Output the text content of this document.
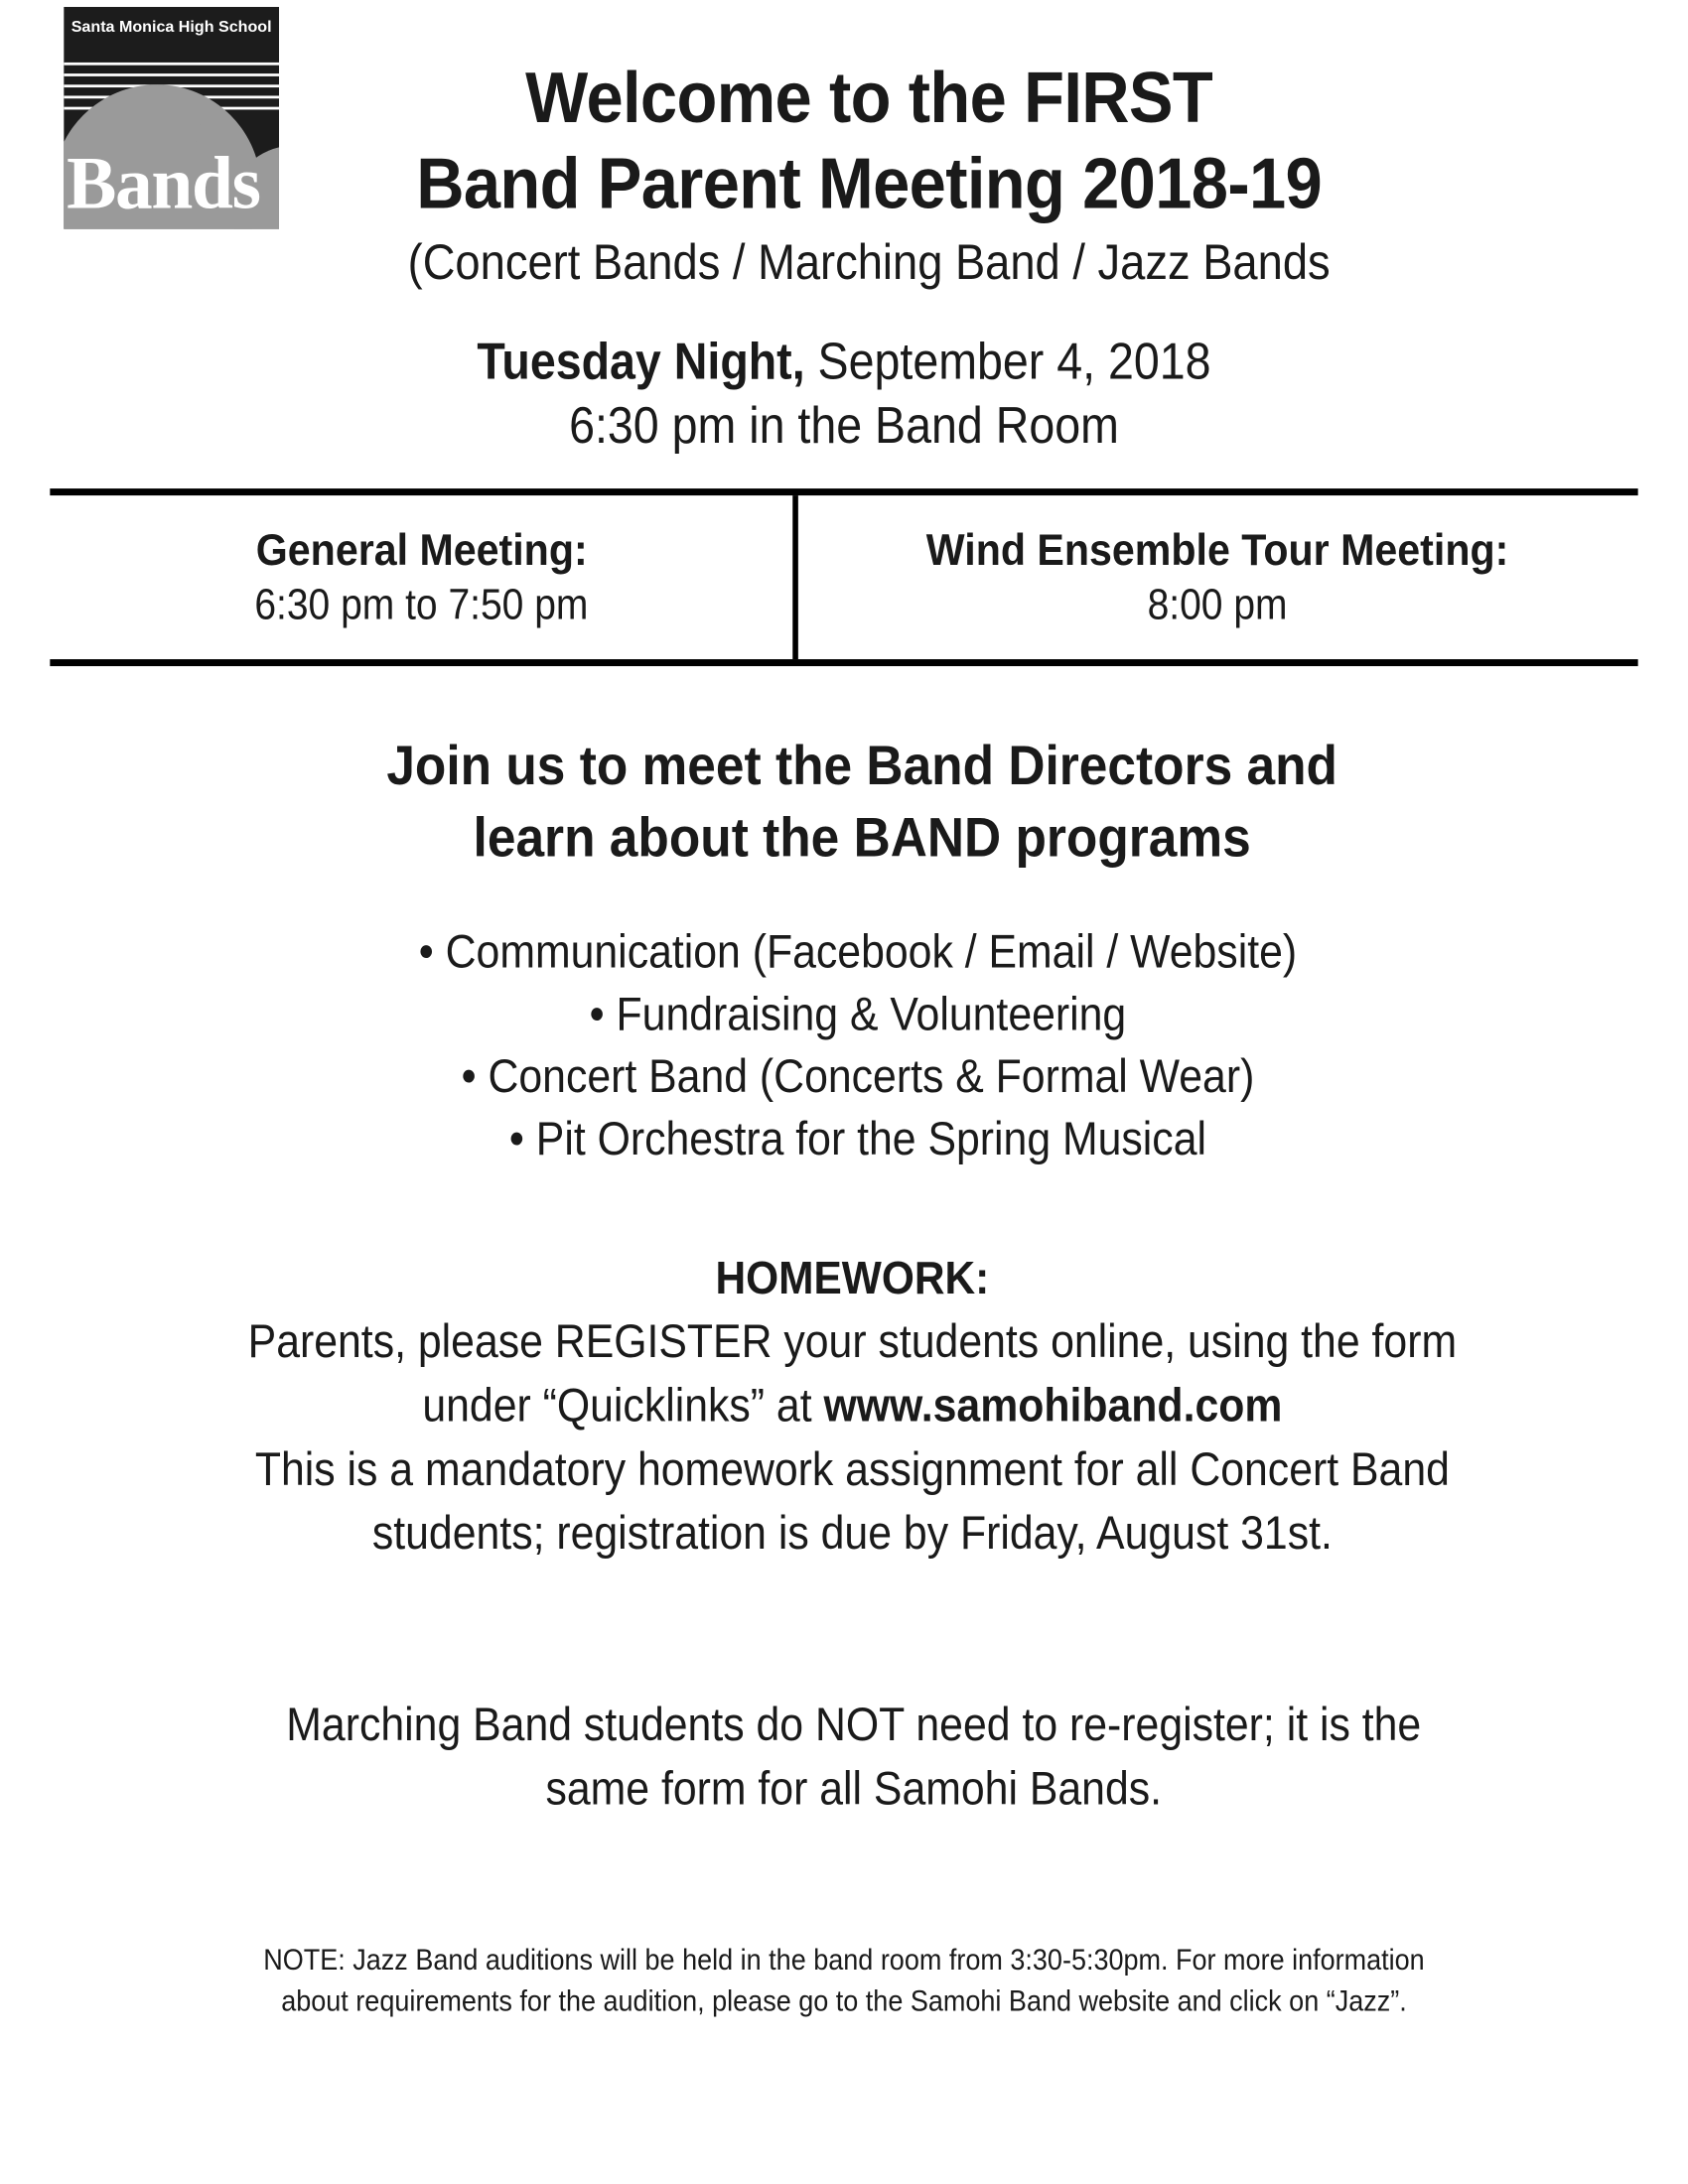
Santa Monica High School
Bands
Welcome to the FIRST
Band Parent Meeting 2018-19
(Concert Bands / Marching Band / Jazz Bands
Tuesday Night, September 4, 2018
6:30 pm in the Band Room
General Meeting:
6:30 pm to 7:50 pm
Wind Ensemble Tour Meeting:
8:00 pm
Join us to meet the Band Directors and
learn about the BAND programs
• Communication (Facebook / Email / Website)
• Fundraising & Volunteering
• Concert Band (Concerts & Formal Wear)
• Pit Orchestra for the Spring Musical
HOMEWORK:
Parents, please REGISTER your students online, using the form
under “Quicklinks” at www.samohiband.com
This is a mandatory homework assignment for all Concert Band
students; registration is due by Friday, August 31st.
Marching Band students do NOT need to re-register; it is the
same form for all Samohi Bands.
NOTE: Jazz Band auditions will be held in the band room from 3:30-5:30pm. For more information
about requirements for the audition, please go to the Samohi Band website and click on “Jazz”.
